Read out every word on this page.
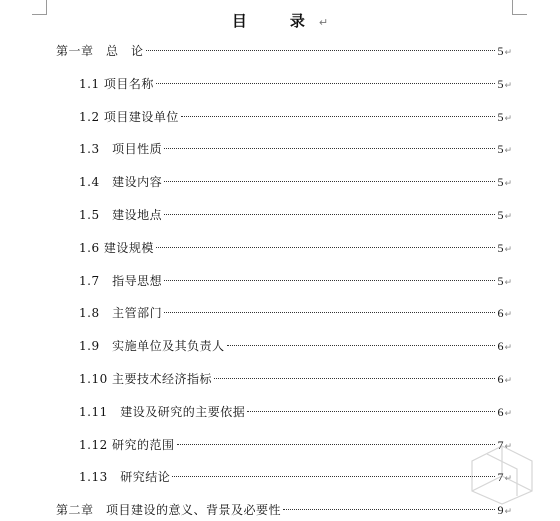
目　录↵
第一章　总　论	5 ↵
1.1 项目名称	5 ↵
1.2 项目建设单位	5 ↵
1.3　项目性质	5 ↵
1.4　建设内容	5 ↵
1.5　建设地点	5 ↵
1.6 建设规模	5 ↵
1.7　指导思想	5 ↵
1.8　主管部门	6 ↵
1.9　实施单位及其负责人	6 ↵
1.10 主要技术经济指标	6 ↵
1.11　建设及研究的主要依据	6 ↵
1.12 研究的范围	7 ↵
1.13　研究结论	7 ↵
第二章　项目建设的意义、背景及必要性	9 ↵
